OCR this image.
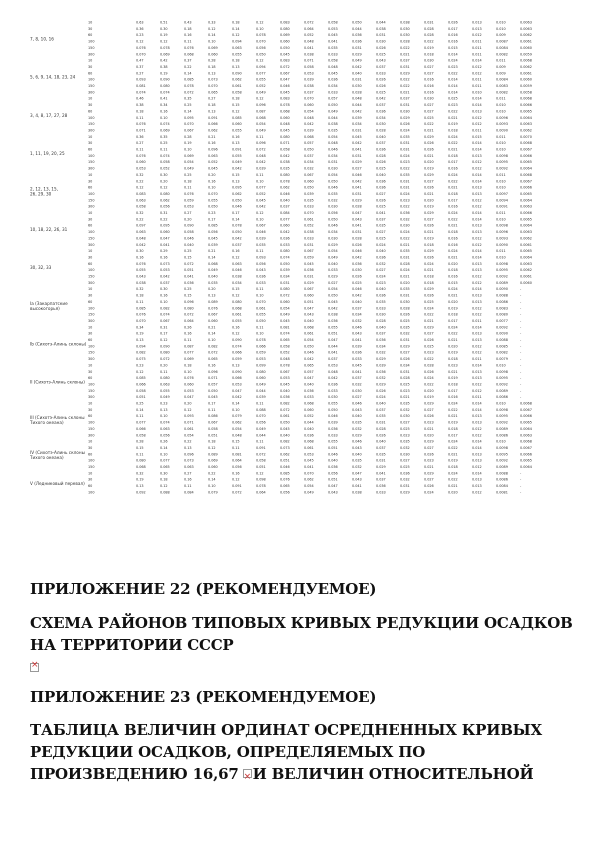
10	0.63	0.51	0.43	0.33	0.18	0.12	0.083	0.072	0.058	0.050	0.044	0.038	0.031	0.026	0.013	0.010	0.0063
30	0.36	0.30	0.18	0.12	0.14	0.10	0.080	0.064	0.053	0.044	0.038	0.030	0.028	0.017	0.013	0.010	0.0063
60	0.23	0.19	0.16	0.14	0.12	0.078	0.069	0.052	0.045	0.036	0.031	0.030	0.028	0.016	0.012	0.009	0.0062
100	0.12	0.12	0.11	0.10	0.094	0.070	0.060	0.048	0.041	0.036	0.030	0.028	0.022	0.016	0.011	0.0087	0.0061
150	0.076	0.078	0.076	0.069	0.063	0.056	0.050	0.041	0.035	0.031	0.026	0.022	0.019	0.015	0.011	0.0084	0.0060
300	0.070	0.069	0.068	0.060	0.055	0.050	0.045	0.038	0.033	0.029	0.025	0.021	0.018	0.014	0.011	0.0082	0.0059
7, 8, 10, 16
10	0.47	0.42	0.37	0.28	0.18	0.12	0.083	0.071	0.058	0.049	0.043	0.037	0.030	0.024	0.014	0.011	0.0068
30	0.37	0.38	0.22	0.18	0.13	0.094	0.072	0.058	0.048	0.042	0.037	0.031	0.027	0.023	0.012	0.009	0.0062
60	0.27	0.19	0.14	0.13	0.090	0.077	0.067	0.053	0.045	0.040	0.033	0.029	0.027	0.022	0.012	0.009	0.0061
100	0.093	0.090	0.085	0.073	0.062	0.055	0.047	0.039	0.036	0.031	0.026	0.022	0.016	0.014	0.011	0.0084	0.0060
150	0.081	0.080	0.078	0.070	0.061	0.052	0.046	0.038	0.034	0.030	0.026	0.022	0.016	0.014	0.011	0.0083	0.0059
300	0.074	0.074	0.072	0.065	0.058	0.049	0.045	0.037	0.033	0.028	0.025	0.021	0.016	0.014	0.010	0.0082	0.0058
5, 6, 9, 14, 18, 23, 24
10	0.46	0.41	0.35	0.27	0.18	0.12	0.083	0.070	0.057	0.048	0.042	0.037	0.030	0.025	0.014	0.011	0.0068
30	0.38	0.34	0.25	0.18	0.15	0.096	0.078	0.060	0.050	0.044	0.037	0.031	0.027	0.023	0.014	0.010	0.0066
60	0.18	0.16	0.14	0.13	0.12	0.087	0.068	0.054	0.049	0.042	0.036	0.030	0.027	0.022	0.013	0.010	0.0065
100	0.11	0.10	0.095	0.091	0.085	0.068	0.060	0.048	0.044	0.039	0.034	0.029	0.025	0.021	0.012	0.0096	0.0064
150	0.076	0.074	0.070	0.066	0.060	0.054	0.048	0.042	0.038	0.034	0.030	0.026	0.022	0.019	0.012	0.0093	0.0063
300	0.071	0.069	0.067	0.062	0.055	0.049	0.045	0.039	0.035	0.031	0.028	0.024	0.021	0.018	0.011	0.0090	0.0062
3, 4, 8, 17, 27, 28
10	0.36	0.35	0.28	0.21	0.16	0.11	0.080	0.068	0.054	0.045	0.040	0.035	0.029	0.024	0.015	0.011	0.0070
30	0.27	0.25	0.19	0.16	0.13	0.096	0.071	0.057	0.048	0.042	0.037	0.031	0.026	0.022	0.014	0.010	0.0068
60	0.11	0.11	0.10	0.096	0.091	0.072	0.058	0.050	0.046	0.041	0.036	0.031	0.026	0.021	0.014	0.010	0.0067
100	0.076	0.074	0.069	0.063	0.055	0.048	0.042	0.037	0.034	0.031	0.028	0.024	0.021	0.018	0.013	0.0098	0.0066
150	0.060	0.058	0.054	0.052	0.049	0.042	0.038	0.034	0.031	0.029	0.026	0.023	0.020	0.017	0.012	0.0095	0.0065
300	0.053	0.052	0.049	0.045	0.042	0.039	0.035	0.032	0.030	0.027	0.025	0.022	0.019	0.016	0.012	0.0092	0.0064
1, 11, 19, 20, 25
10	0.32	0.30	0.25	0.20	0.15	0.11	0.080	0.067	0.054	0.046	0.040	0.035	0.029	0.024	0.014	0.011	0.0068
30	0.22	0.20	0.18	0.16	0.13	0.10	0.078	0.060	0.050	0.042	0.036	0.031	0.027	0.022	0.014	0.010	0.0067
60	0.12	0.12	0.11	0.10	0.095	0.077	0.062	0.050	0.046	0.041	0.036	0.031	0.026	0.021	0.013	0.010	0.0066
100	0.083	0.080	0.076	0.070	0.062	0.052	0.046	0.039	0.035	0.031	0.027	0.024	0.021	0.018	0.013	0.0097	0.0065
150	0.063	0.062	0.059	0.055	0.050	0.045	0.040	0.035	0.032	0.029	0.026	0.023	0.020	0.017	0.012	0.0094	0.0064
300	0.058	0.056	0.053	0.050	0.046	0.042	0.037	0.033	0.030	0.028	0.025	0.022	0.019	0.016	0.012	0.0091	0.0063
2, 12, 13, 15,
26, 29, 30
10	0.32	0.31	0.27	0.23	0.17	0.12	0.084	0.070	0.056	0.047	0.041	0.036	0.029	0.024	0.014	0.011	0.0066
30	0.22	0.22	0.20	0.17	0.14	0.10	0.077	0.061	0.050	0.043	0.037	0.032	0.027	0.022	0.014	0.010	0.0065
60	0.097	0.095	0.090	0.085	0.078	0.067	0.060	0.052	0.046	0.041	0.035	0.030	0.026	0.021	0.013	0.0098	0.0064
100	0.063	0.060	0.058	0.056	0.050	0.046	0.042	0.038	0.034	0.031	0.027	0.024	0.021	0.018	0.013	0.0096	0.0063
150	0.048	0.047	0.046	0.045	0.042	0.039	0.036	0.033	0.030	0.028	0.025	0.022	0.019	0.016	0.012	0.0093	0.0062
300	0.042	0.041	0.040	0.039	0.037	0.035	0.033	0.031	0.029	0.026	0.024	0.021	0.018	0.016	0.012	0.0090	0.0061
10, 18, 22, 26, 31
10	0.30	0.29	0.25	0.21	0.16	0.11	0.080	0.067	0.054	0.046	0.040	0.035	0.029	0.024	0.014	0.011	0.0065
30	0.16	0.16	0.15	0.14	0.12	0.093	0.074	0.059	0.049	0.042	0.036	0.031	0.026	0.021	0.014	0.010	0.0064
60	0.076	0.073	0.072	0.068	0.063	0.056	0.050	0.045	0.040	0.036	0.032	0.028	0.024	0.020	0.013	0.0098	0.0063
100	0.055	0.053	0.051	0.049	0.046	0.043	0.039	0.036	0.033	0.030	0.027	0.024	0.021	0.018	0.013	0.0095	0.0062
150	0.043	0.042	0.041	0.040	0.038	0.036	0.034	0.031	0.029	0.026	0.024	0.021	0.018	0.016	0.012	0.0092	0.0061
300	0.038	0.037	0.036	0.035	0.034	0.033	0.031	0.029	0.027	0.025	0.023	0.020	0.018	0.015	0.012	0.0089	0.0060
30, 32, 33
10	0.32	0.30	0.25	0.20	0.15	0.11	0.080	0.067	0.054	0.046	0.040	0.035	0.029	0.024	0.014	0.0090	-
30	0.18	0.16	0.15	0.13	0.12	0.10	0.072	0.060	0.050	0.042	0.036	0.031	0.026	0.021	0.013	0.0088	-
60	0.11	0.10	0.096	0.089	0.080	0.070	0.060	0.051	0.045	0.040	0.035	0.030	0.025	0.020	0.013	0.0086	-
100	0.085	0.082	0.080	0.076	0.068	0.061	0.054	0.047	0.042	0.037	0.033	0.028	0.024	0.019	0.012	0.0083	-
150	0.076	0.074	0.072	0.067	0.061	0.055	0.049	0.043	0.038	0.034	0.030	0.026	0.022	0.018	0.012	0.0080	-
300	0.070	0.067	0.064	0.060	0.055	0.050	0.045	0.040	0.036	0.032	0.028	0.025	0.021	0.017	0.011	0.0077	-
Ia (Закарпатские
высокогорья)
10	0.34	0.31	0.26	0.21	0.16	0.11	0.081	0.068	0.055	0.046	0.040	0.035	0.029	0.024	0.014	0.0092	-
30	0.19	0.17	0.16	0.14	0.12	0.10	0.074	0.061	0.051	0.043	0.037	0.032	0.027	0.022	0.013	0.0090	-
60	0.13	0.12	0.11	0.10	0.090	0.078	0.065	0.054	0.047	0.041	0.036	0.031	0.026	0.021	0.013	0.0088	-
100	0.094	0.090	0.087	0.082	0.074	0.066	0.058	0.050	0.044	0.039	0.034	0.029	0.025	0.020	0.012	0.0085	-
150	0.082	0.080	0.077	0.072	0.066	0.059	0.052	0.046	0.041	0.036	0.032	0.027	0.023	0.019	0.012	0.0082	-
300	0.075	0.072	0.069	0.065	0.059	0.053	0.048	0.042	0.037	0.033	0.029	0.026	0.022	0.018	0.011	0.0079	-
Ib (Сихотэ-Алинь склоны)
10	0.23	0.20	0.18	0.16	0.13	0.099	0.078	0.065	0.053	0.045	0.039	0.034	0.028	0.023	0.014	0.010	-
30	0.12	0.11	0.10	0.096	0.090	0.080	0.067	0.057	0.048	0.041	0.036	0.031	0.026	0.021	0.013	0.0098	-
60	0.085	0.080	0.076	0.071	0.066	0.060	0.053	0.047	0.042	0.037	0.032	0.028	0.024	0.019	0.013	0.0095	-
100	0.066	0.063	0.060	0.057	0.053	0.049	0.045	0.040	0.036	0.032	0.029	0.025	0.022	0.018	0.012	0.0092	-
150	0.058	0.055	0.053	0.050	0.047	0.044	0.040	0.036	0.033	0.030	0.026	0.023	0.020	0.017	0.012	0.0089	-
300	0.051	0.049	0.047	0.045	0.042	0.039	0.036	0.033	0.030	0.027	0.024	0.021	0.019	0.016	0.011	0.0086	-
II (Сихотэ-Алинь склоны)
10	0.25	0.23	0.20	0.17	0.14	0.11	0.082	0.068	0.055	0.046	0.040	0.035	0.029	0.024	0.014	0.010	0.0068
30	0.14	0.13	0.12	0.11	0.10	0.088	0.072	0.060	0.050	0.043	0.037	0.032	0.027	0.022	0.014	0.0098	0.0067
60	0.11	0.10	0.093	0.086	0.079	0.070	0.061	0.052	0.046	0.040	0.035	0.030	0.026	0.021	0.013	0.0095	0.0066
100	0.077	0.074	0.071	0.067	0.062	0.056	0.050	0.044	0.039	0.035	0.031	0.027	0.023	0.019	0.013	0.0092	0.0065
150	0.066	0.063	0.061	0.058	0.054	0.049	0.045	0.040	0.036	0.032	0.028	0.025	0.021	0.018	0.012	0.0089	0.0064
300	0.058	0.056	0.054	0.051	0.048	0.044	0.040	0.036	0.033	0.029	0.026	0.023	0.020	0.017	0.012	0.0086	0.0063
III (Сихотэ-Алинь склоны
Тихого океана)
10	0.28	0.26	0.22	0.18	0.15	0.11	0.082	0.068	0.055	0.046	0.040	0.035	0.029	0.024	0.014	0.010	0.0068
30	0.15	0.14	0.13	0.12	0.11	0.091	0.073	0.061	0.051	0.043	0.037	0.032	0.027	0.022	0.014	0.0098	0.0067
60	0.11	0.10	0.096	0.089	0.081	0.072	0.062	0.053	0.046	0.040	0.035	0.030	0.026	0.021	0.013	0.0095	0.0066
100	0.080	0.077	0.073	0.069	0.064	0.058	0.051	0.045	0.040	0.035	0.031	0.027	0.023	0.019	0.013	0.0092	0.0065
150	0.068	0.065	0.063	0.060	0.056	0.051	0.046	0.041	0.036	0.032	0.029	0.025	0.021	0.018	0.012	0.0089	0.0064
IV (Сихотэ-Алинь склоны
Тихого океана)
10	0.32	0.30	0.27	0.22	0.16	0.12	0.085	0.070	0.056	0.047	0.041	0.036	0.029	0.024	0.014	0.0088	-
30	0.19	0.18	0.16	0.14	0.12	0.098	0.076	0.062	0.051	0.043	0.037	0.032	0.027	0.022	0.013	0.0086	-
60	0.13	0.12	0.11	0.10	0.091	0.078	0.065	0.054	0.047	0.041	0.036	0.031	0.026	0.021	0.013	0.0084	-
100	0.092	0.088	0.084	0.079	0.072	0.064	0.056	0.049	0.043	0.038	0.033	0.029	0.024	0.020	0.012	0.0081	-
V (Ледниковый перевал)
ПРИЛОЖЕНИЕ 22 (РЕКОМЕНДУЕМОЕ)
СХЕМА РАЙОНОВ ТИПОВЫХ КРИВЫХ РЕДУКЦИИ ОСАДКОВ
НА ТЕРРИТОРИИ СССР
×
ПРИЛОЖЕНИЕ 23 (РЕКОМЕНДУЕМОЕ)
ТАБЛИЦА ВЕЛИЧИН ОРДИНАТ ОСРЕДНЕННЫХ КРИВЫХ
РЕДУКЦИИ ОСАДКОВ, ОПРЕДЕЛЯЕМЫХ ПО
ПРОИЗВЕДЕНИЮ 16,67× И ВЕЛИЧИН ОТНОСИТЕЛЬНОЙ
